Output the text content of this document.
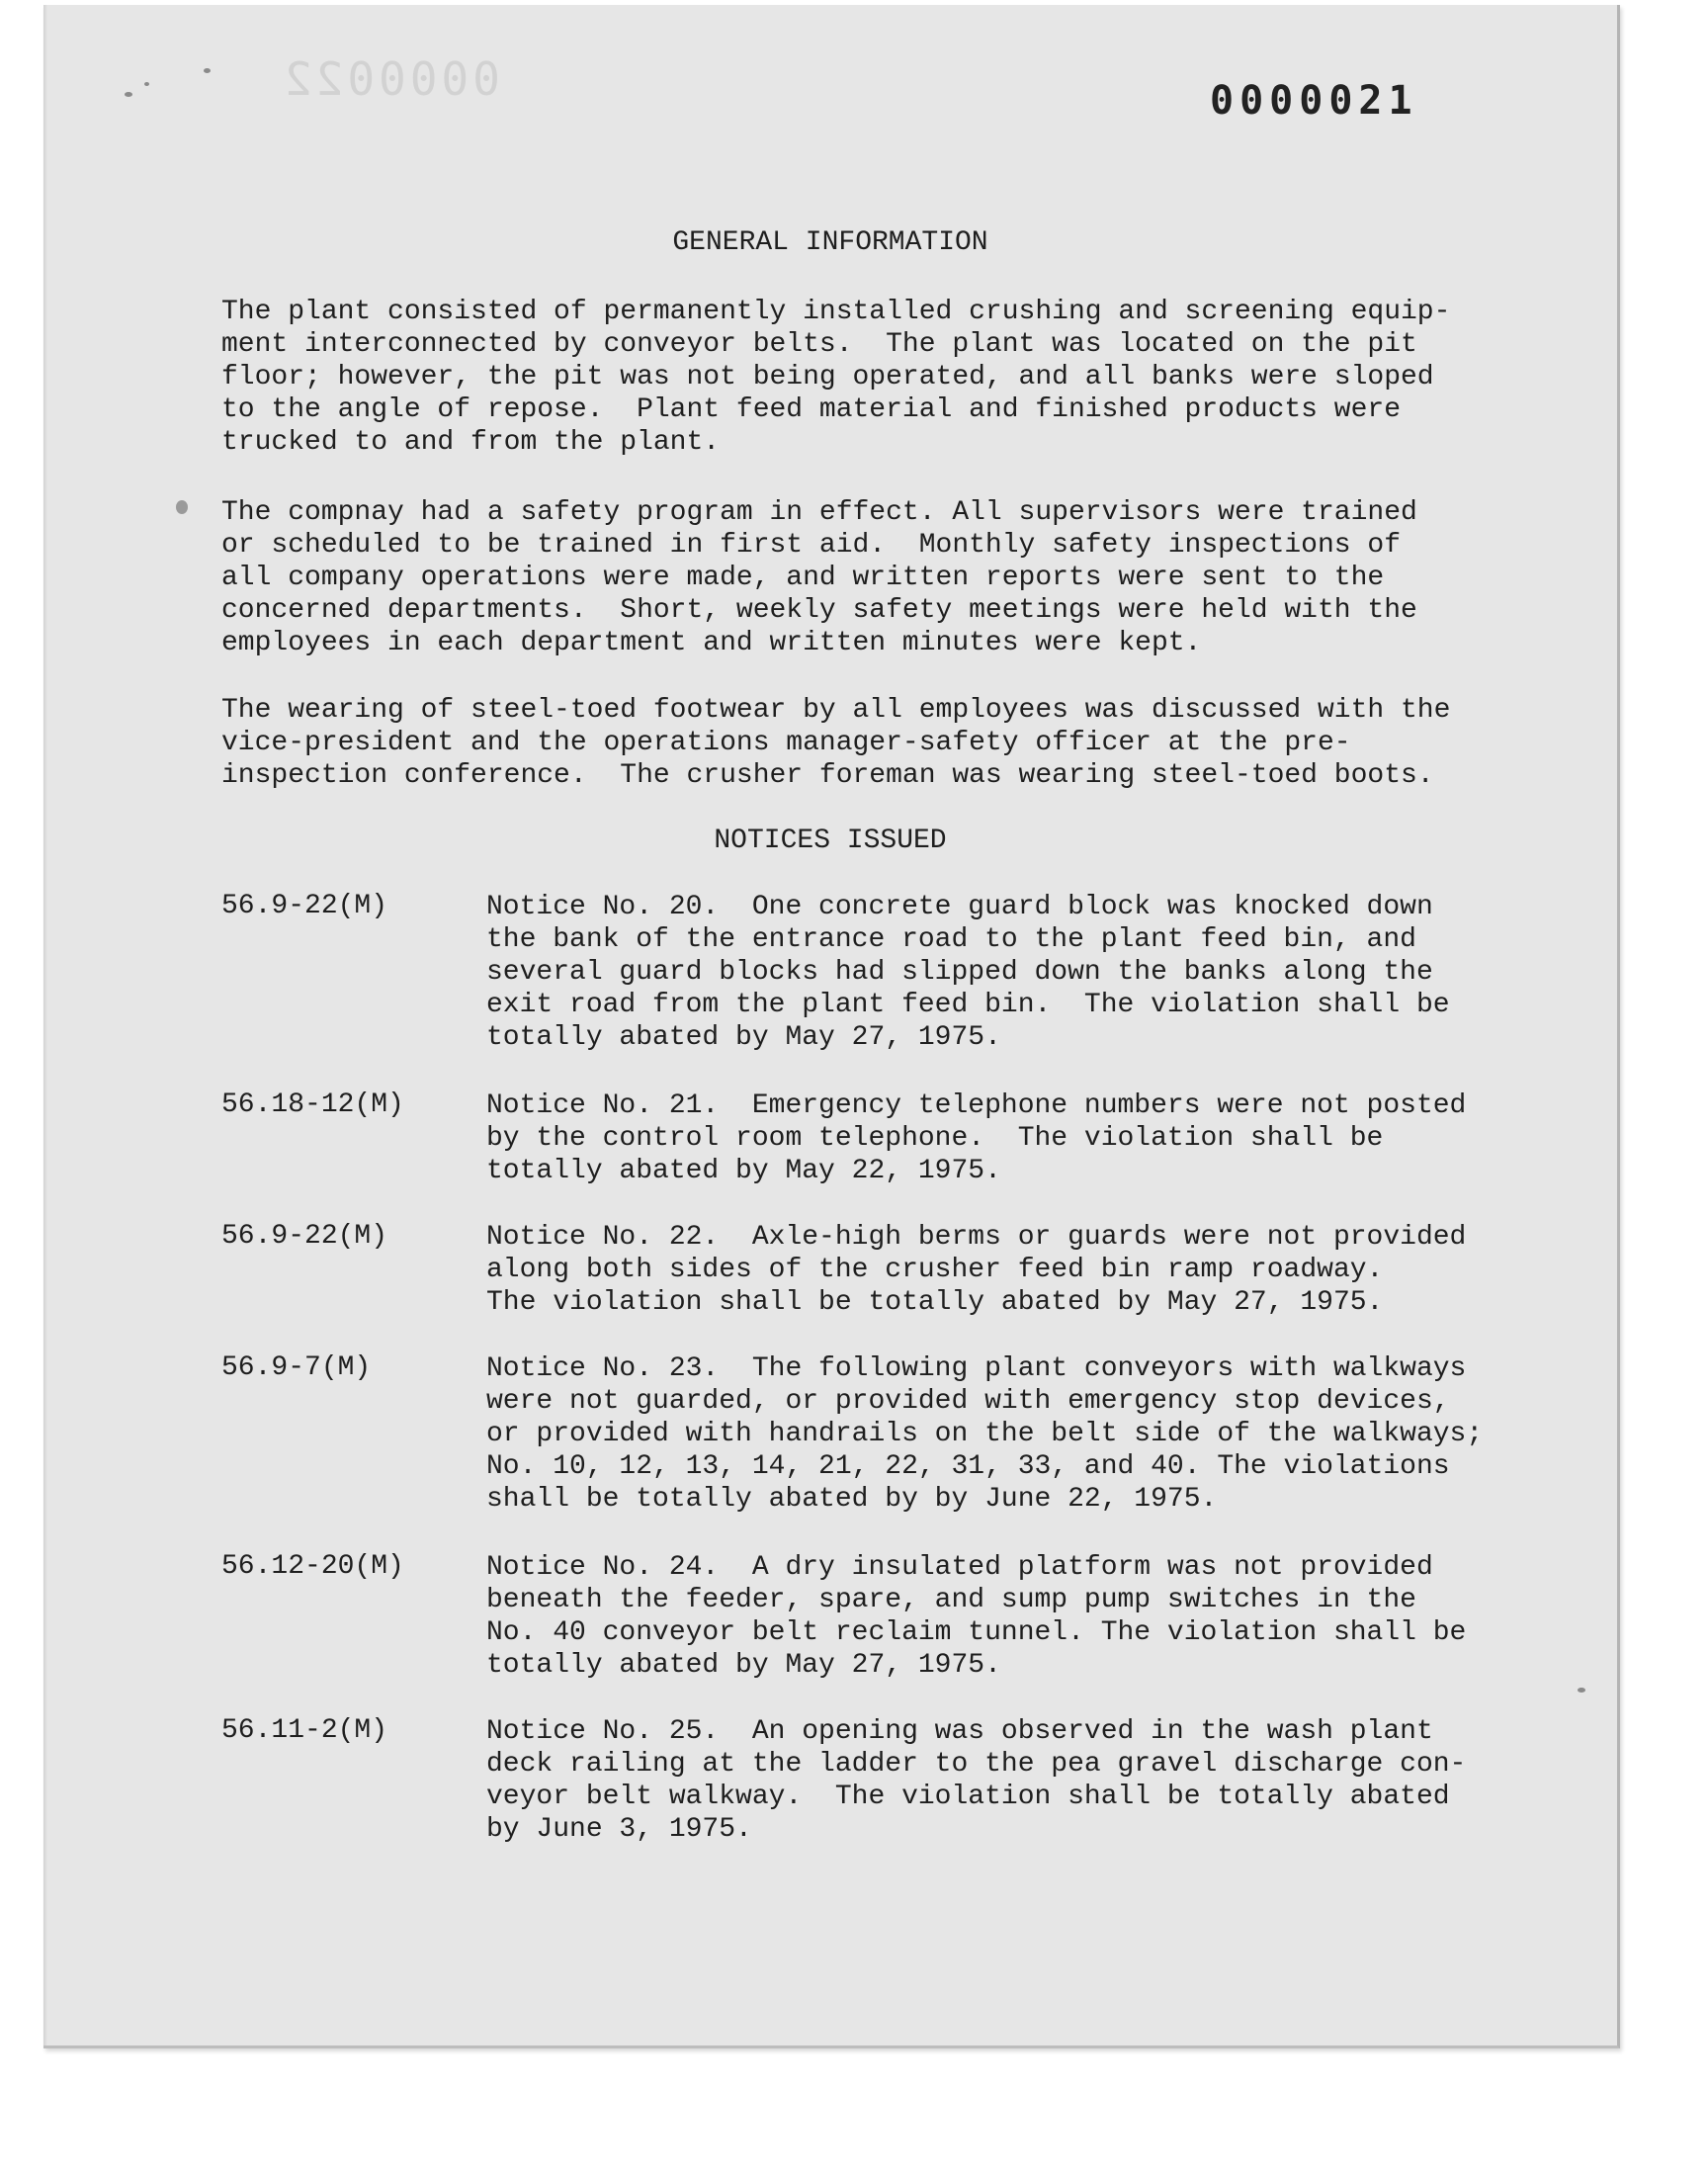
0000022	0000021
GENERAL INFORMATION
The plant consisted of permanently installed crushing and screening equip-
ment interconnected by conveyor belts.  The plant was located on the pit
floor; however, the pit was not being operated, and all banks were sloped
to the angle of repose.  Plant feed material and finished products were
trucked to and from the plant.
The compnay had a safety program in effect. All supervisors were trained
or scheduled to be trained in first aid.  Monthly safety inspections of
all company operations were made, and written reports were sent to the
concerned departments.  Short, weekly safety meetings were held with the
employees in each department and written minutes were kept.
The wearing of steel-toed footwear by all employees was discussed with the
vice-president and the operations manager-safety officer at the pre-
inspection conference.  The crusher foreman was wearing steel-toed boots.
NOTICES ISSUED
56.9-22(M)	Notice No. 20.  One concrete guard block was knocked down
the bank of the entrance road to the plant feed bin, and
several guard blocks had slipped down the banks along the
exit road from the plant feed bin.  The violation shall be
totally abated by May 27, 1975.
56.18-12(M)	Notice No. 21.  Emergency telephone numbers were not posted
by the control room telephone.  The violation shall be
totally abated by May 22, 1975.
56.9-22(M)	Notice No. 22.  Axle-high berms or guards were not provided
along both sides of the crusher feed bin ramp roadway.
The violation shall be totally abated by May 27, 1975.
56.9-7(M)	Notice No. 23.  The following plant conveyors with walkways
were not guarded, or provided with emergency stop devices,
or provided with handrails on the belt side of the walkways;
No. 10, 12, 13, 14, 21, 22, 31, 33, and 40. The violations
shall be totally abated by by June 22, 1975.
56.12-20(M)	Notice No. 24.  A dry insulated platform was not provided
beneath the feeder, spare, and sump pump switches in the
No. 40 conveyor belt reclaim tunnel. The violation shall be
totally abated by May 27, 1975.
56.11-2(M)	Notice No. 25.  An opening was observed in the wash plant
deck railing at the ladder to the pea gravel discharge con-
veyor belt walkway.  The violation shall be totally abated
by June 3, 1975.
